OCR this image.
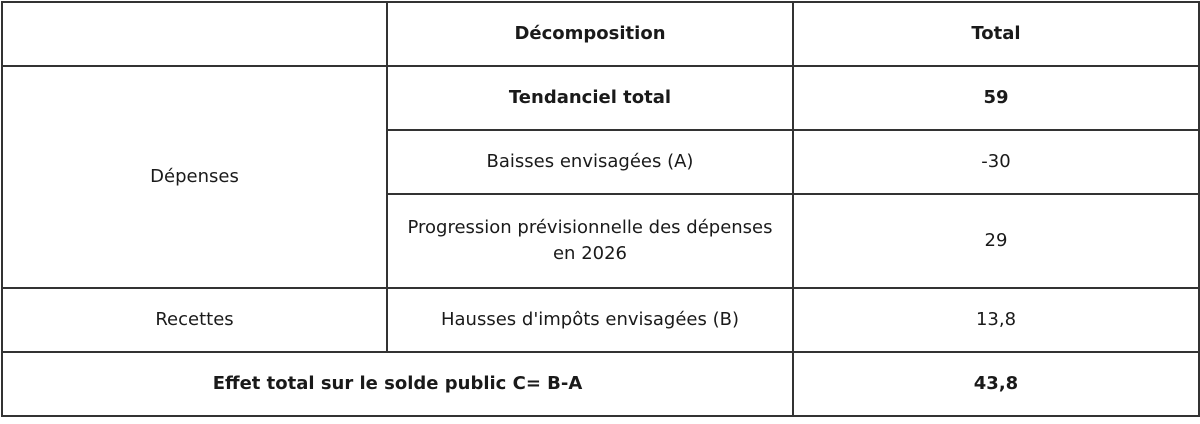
	Décomposition	Total
Dépenses	Tendanciel total	59
	Baisses envisagées (A)	-30
	Progression prévisionnelle des dépenses en 2026	29
Recettes	Hausses d'impôts envisagées (B)	13,8
Effet total sur le solde public C= B-A		43,8
